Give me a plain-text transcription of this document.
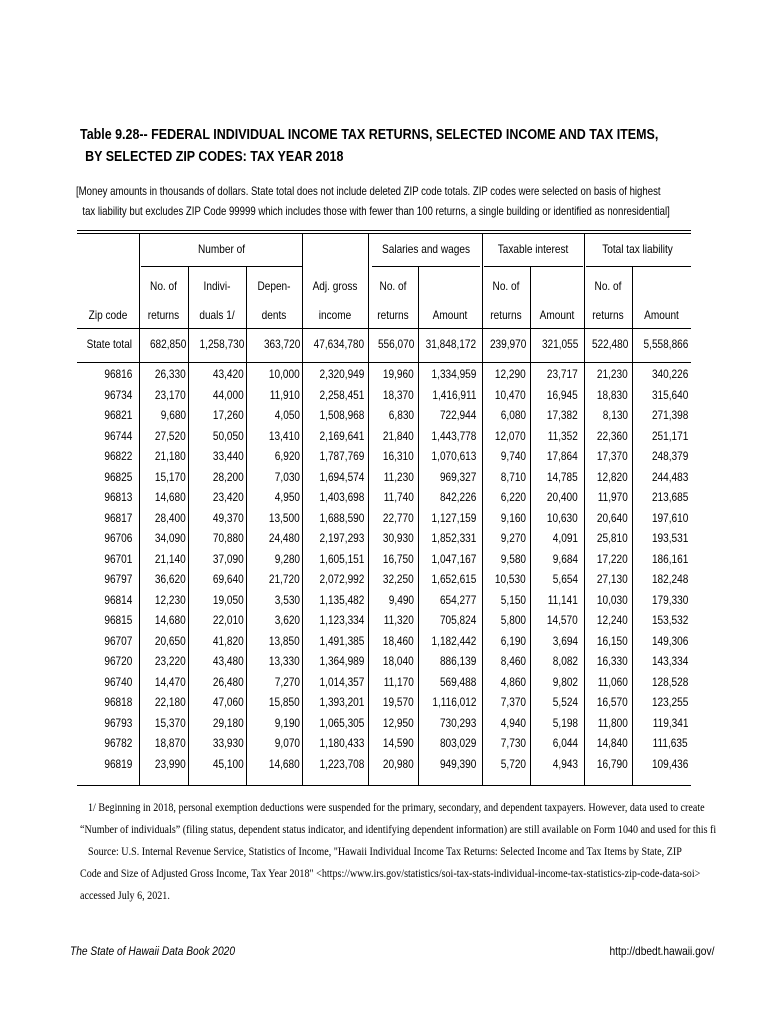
Table 9.28-- FEDERAL INDIVIDUAL INCOME TAX RETURNS, SELECTED INCOME AND TAX ITEMS,
BY SELECTED ZIP CODES: TAX YEAR 2018
[Money amounts in thousands of dollars. State total does not include deleted ZIP code totals. ZIP codes were selected on basis of highest
tax liability but excludes ZIP Code 99999 which includes those with fewer than 100 returns, a single building or identified as nonresidential]
Number of	Salaries and wages	Taxable interest	Total tax liability
No. of	Indivi-	Depen-	Adj. gross	No. of	No. of	No. of
Zip code	returns	duals 1/	dents	income	returns	Amount	returns	Amount	returns	Amount
State total 682,850 1,258,730 363,720 47,634,780 556,070 31,848,172 239,970 321,055 522,480 5,558,866
96816 26,330 43,420 10,000 2,320,949 19,960 1,334,959 12,290 23,717 21,230 340,226
96734 23,170 44,000 11,910 2,258,451 18,370 1,416,911 10,470 16,945 18,830 315,640
96821 9,680 17,260	4,050 1,508,968 6,830 722,944 6,080 17,382 8,130 271,398
96744 27,520 50,050 13,410 2,169,641 21,840 1,443,778 12,070 11,352 22,360 251,171
96822 21,180 33,440	6,920 1,787,769 16,310 1,070,613 9,740 17,864 17,370 248,379
96825 15,170 28,200	7,030 1,694,574 11,230 969,327 8,710 14,785 12,820 244,483
96813 14,680 23,420	4,950 1,403,698 11,740 842,226 6,220 20,400 11,970 213,685
96817 28,400 49,370 13,500 1,688,590 22,770 1,127,159 9,160 10,630 20,640 197,610
96706 34,090 70,880 24,480 2,197,293 30,930 1,852,331 9,270 4,091 25,810 193,531
96701 21,140 37,090	9,280 1,605,151 16,750 1,047,167 9,580 9,684 17,220 186,161
96797 36,620 69,640 21,720 2,072,992 32,250 1,652,615 10,530 5,654 27,130 182,248
96814 12,230 19,050	3,530 1,135,482 9,490 654,277 5,150 11,141 10,030 179,330
96815 14,680 22,010	3,620 1,123,334 11,320 705,824 5,800 14,570 12,240 153,532
96707 20,650 41,820 13,850 1,491,385 18,460 1,182,442 6,190 3,694 16,150 149,306
96720 23,220 43,480 13,330 1,364,989 18,040 886,139 8,460 8,082 16,330 143,334
96740 14,470 26,480	7,270 1,014,357 11,170 569,488 4,860 9,802 11,060 128,528
96818 22,180 47,060 15,850 1,393,201 19,570 1,116,012 7,370 5,524 16,570 123,255
96793 15,370 29,180	9,190 1,065,305 12,950 730,293 4,940 5,198 11,800 119,341
96782 18,870 33,930	9,070 1,180,433 14,590 803,029 7,730 6,044 14,840 111,635
96819 23,990 45,100 14,680 1,223,708 20,980 949,390 5,720 4,943 16,790 109,436
1/ Beginning in 2018, personal exemption deductions were suspended for the primary, secondary, and dependent taxpayers. However, data used to create
“Number of individuals” (filing status, dependent status indicator, and identifying dependent information) are still available on Form 1040 and used for this fi
Source: U.S. Internal Revenue Service, Statistics of Income, "Hawaii Individual Income Tax Returns: Selected Income and Tax Items by State, ZIP
Code and Size of Adjusted Gross Income, Tax Year 2018" <https://www.irs.gov/statistics/soi-tax-stats-individual-income-tax-statistics-zip-code-data-soi>
accessed July 6, 2021.
The State of Hawaii Data Book 2020	http://dbedt.hawaii.gov/
